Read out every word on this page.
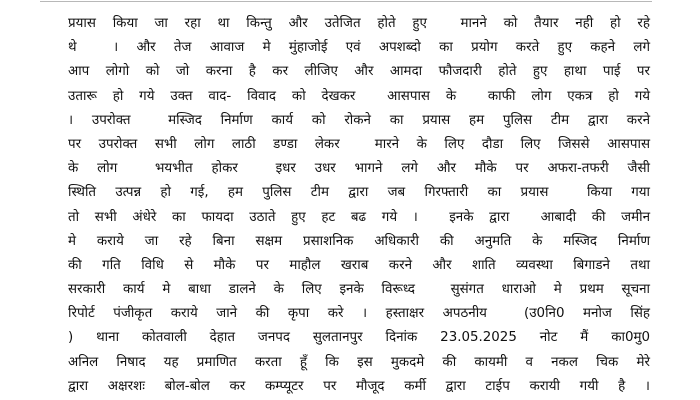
प्रयास किया जा रहा था किन्तु और उतेजित होते हुए  मानने को तैयार नही हो रहे
थे  । और तेज आवाज मे मुंहाजोई एवं अपशब्दो का प्रयोग करते हुए कहने लगे
आप लोगो को जो करना है कर लीजिए और आमदा फौजदारी होते हुए हाथा पाई पर
उतारू हो गये उक्त वाद- विवाद को देखकर  आसपास के  काफी लोग एकत्र हो गये
। उपरोक्त  मस्जिद निर्माण कार्य को रोकने का प्रयास हम पुलिस टीम द्वारा करने
पर उपरोक्त सभी लोग लाठी डण्डा लेकर  मारने के लिए दौडा लिए जिससे आसपास
के लोग  भयभीत होकर  इधर उधर भागने लगे और मौके पर अफरा-तफरी जैसी
स्थिति उत्पन्न हो गई, हम पुलिस टीम द्वारा जब गिरफ्तारी का प्रयास  किया गया
तो सभी अंधेरे का फायदा उठाते हुए हट बढ गये ।  इनके द्वारा  आबादी की जमीन
मे कराये जा रहे बिना सक्षम प्रसाशनिक अधिकारी की अनुमति के मस्जिद निर्माण
की गति विधि से मौके पर माहौल खराब करने और शाति व्यवस्था बिगाडने तथा
सरकारी कार्य मे बाधा डालने के लिए इनके विरूध्द  सुसंगत धाराओ मे प्रथम सूचना
रिपोर्ट पंजीकृत कराये जाने की कृपा करे । हस्ताक्षर अपठनीय  (उ0नि0 मनोज सिंह
) थाना कोतवाली देहात जनपद सुलतानपुर दिनांक 23.05.2025 नोट मैं का0मु0
अनिल निषाद यह प्रमाणित करता हूँ कि इस मुकदमे की कायमी व नकल चिक मेरे
द्वारा अक्षरशः बोल-बोल कर कम्प्यूटर पर मौजूद कर्मी द्वारा टाईप करायी गयी है ।
